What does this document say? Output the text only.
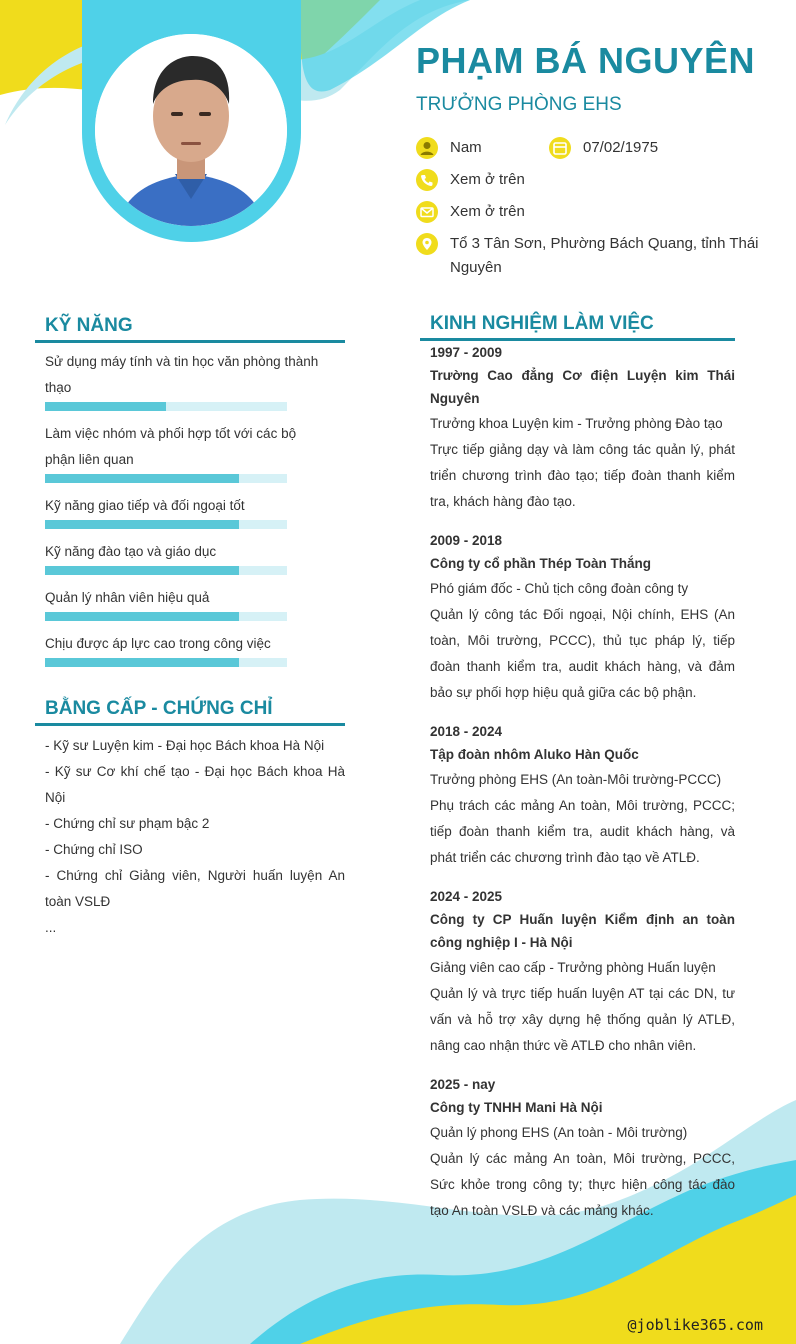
PHẠM BÁ NGUYÊN
TRƯỞNG PHÒNG EHS
Nam	07/02/1975
Xem ở trên
Xem ở trên
Tổ 3 Tân Sơn, Phường Bách Quang, tỉnh Thái Nguyên
KỸ NĂNG
Sử dụng máy tính và tin học văn phòng thành thạo
Làm việc nhóm và phối hợp tốt với các bộ phận liên quan
Kỹ năng giao tiếp và đối ngoại tốt
Kỹ năng đào tạo và giáo dục
Quản lý nhân viên hiệu quả
Chịu được áp lực cao trong công việc
BẰNG CẤP - CHỨNG CHỈ
- Kỹ sư Luyện kim - Đại học Bách khoa Hà Nội
- Kỹ sư Cơ khí chế tạo - Đại học Bách khoa Hà Nội
- Chứng chỉ sư phạm bậc 2
- Chứng chỉ ISO
- Chứng chỉ Giảng viên, Người huấn luyện An toàn VSLĐ
...
KINH NGHIỆM LÀM VIỆC
1997 - 2009
Trường Cao đẳng Cơ điện Luyện kim Thái Nguyên
Trưởng khoa Luyện kim - Trưởng phòng Đào tạo
Trực tiếp giảng dạy và làm công tác quản lý, phát triển chương trình đào tạo; tiếp đoàn thanh kiểm tra, khách hàng đào tạo.
2009 - 2018
Công ty cổ phần Thép Toàn Thắng
Phó giám đốc - Chủ tịch công đoàn công ty
Quản lý công tác Đối ngoại, Nội chính, EHS (An toàn, Môi trường, PCCC), thủ tục pháp lý, tiếp đoàn thanh kiểm tra, audit khách hàng, và đảm bảo sự phối hợp hiệu quả giữa các bộ phận.
2018 - 2024
Tập đoàn nhôm Aluko Hàn Quốc
Trưởng phòng EHS (An toàn-Môi trường-PCCC)
Phụ trách các mảng An toàn, Môi trường, PCCC; tiếp đoàn thanh kiểm tra, audit khách hàng, và phát triển các chương trình đào tạo về ATLĐ.
2024 - 2025
Công ty CP Huấn luyện Kiểm định an toàn công nghiệp I - Hà Nội
Giảng viên cao cấp - Trưởng phòng Huấn luyện
Quản lý và trực tiếp huấn luyện AT tại các DN, tư vấn và hỗ trợ xây dựng hệ thống quản lý ATLĐ, nâng cao nhận thức về ATLĐ cho nhân viên.
2025 - nay
Công ty TNHH Mani Hà Nội
Quản lý phong EHS (An toàn - Môi trường)
Quản lý các mảng An toàn, Môi trường, PCCC, Sức khỏe trong công ty; thực hiện công tác đào tạo An toàn VSLĐ và các mảng khác.
@joblike365.com
